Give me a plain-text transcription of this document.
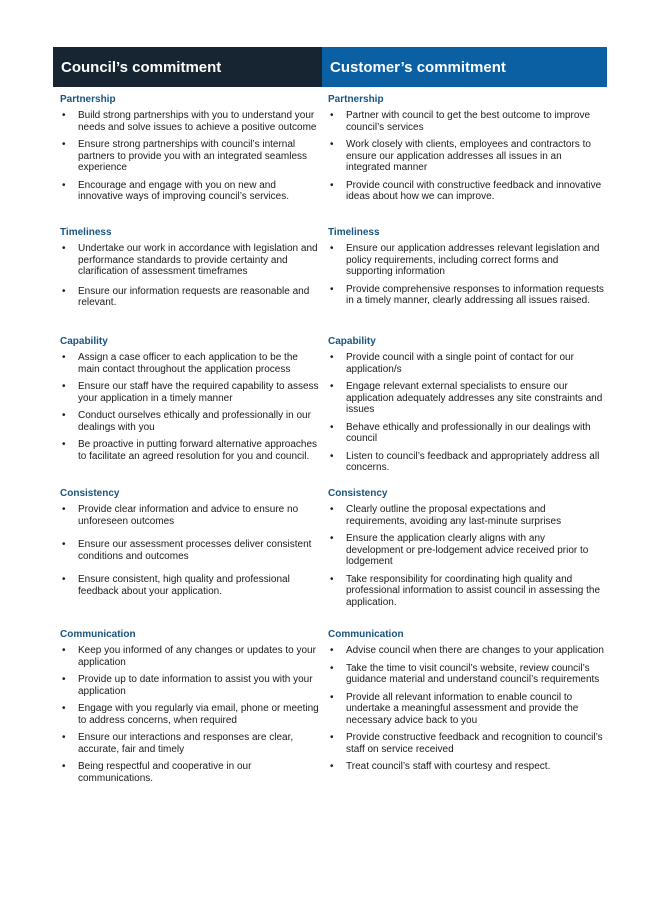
Council’s commitment	Customer’s commitment
Partnership
• Build strong partnerships with you to understand your needs and solve issues to achieve a positive outcome
• Ensure strong partnerships with council’s internal partners to provide you with an integrated seamless experience
• Encourage and engage with you on new and innovative ways of improving council’s services.
Timeliness
• Undertake our work in accordance with legislation and performance standards to provide certainty and clarification of assessment timeframes
• Ensure our information requests are reasonable and relevant.
Capability
• Assign a case officer to each application to be the main contact throughout the application process
• Ensure our staff have the required capability to assess your application in a timely manner
• Conduct ourselves ethically and professionally in our dealings with you
• Be proactive in putting forward alternative approaches to facilitate an agreed resolution for you and council.
Consistency
• Provide clear information and advice to ensure no unforeseen outcomes
• Ensure our assessment processes deliver consistent conditions and outcomes
• Ensure consistent, high quality and professional feedback about your application.
Communication
• Keep you informed of any changes or updates to your application
• Provide up to date information to assist you with your application
• Engage with you regularly via email, phone or meeting to address concerns, when required
• Ensure our interactions and responses are clear, accurate, fair and timely
• Being respectful and cooperative in our communications.
Partnership
• Partner with council to get the best outcome to improve council’s services
• Work closely with clients, employees and contractors to ensure our application addresses all issues in an integrated manner
• Provide council with constructive feedback and innovative ideas about how we can improve.
Timeliness
• Ensure our application addresses relevant legislation and policy requirements, including correct forms and supporting information
• Provide comprehensive responses to information requests in a timely manner, clearly addressing all issues raised.
Capability
• Provide council with a single point of contact for our application/s
• Engage relevant external specialists to ensure our application adequately addresses any site constraints and issues
• Behave ethically and professionally in our dealings with council
• Listen to council’s feedback and appropriately address all concerns.
Consistency
• Clearly outline the proposal expectations and requirements, avoiding any last-minute surprises
• Ensure the application clearly aligns with any development or pre-lodgement advice received prior to lodgement
• Take responsibility for coordinating high quality and professional information to assist council in assessing the application.
Communication
• Advise council when there are changes to your application
• Take the time to visit council’s website, review council’s guidance material and understand council’s requirements
• Provide all relevant information to enable council to undertake a meaningful assessment and provide the necessary advice back to you
• Provide constructive feedback and recognition to council’s staff on service received
• Treat council’s staff with courtesy and respect.
